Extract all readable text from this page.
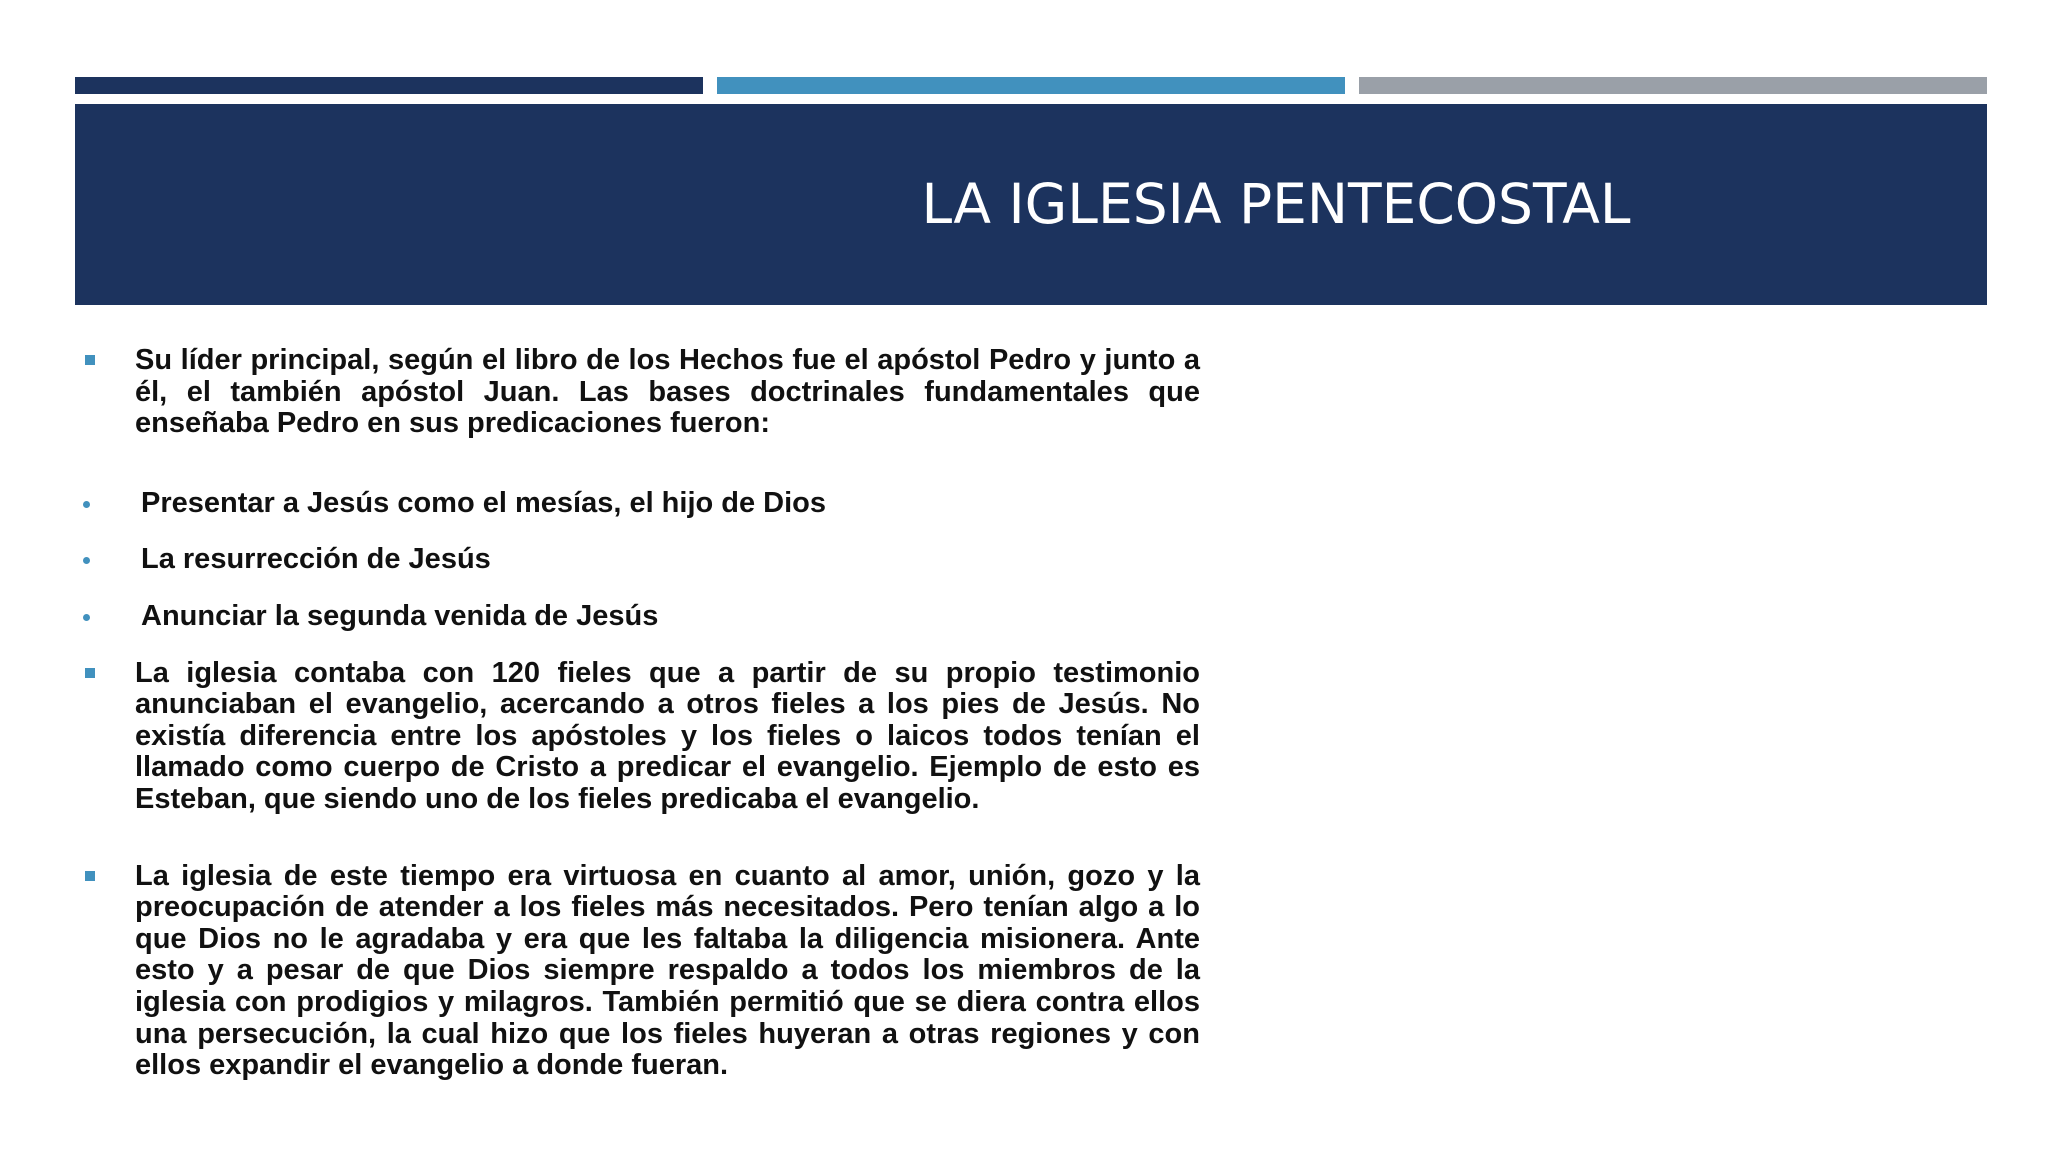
LA IGLESIA PENTECOSTAL
Su líder principal, según el libro de los Hechos fue el apóstol Pedro y junto a él, el también apóstol Juan. Las bases doctrinales fundamentales que enseñaba Pedro en sus predicaciones fueron:
Presentar a Jesús como el mesías, el hijo de Dios
La resurrección de Jesús
Anunciar la segunda venida de Jesús
La iglesia contaba con 120 fieles que a partir de su propio testimonio anunciaban el evangelio, acercando a otros fieles a los pies de Jesús. No existía diferencia entre los apóstoles y los fieles o laicos todos tenían el llamado como cuerpo de Cristo a predicar el evangelio. Ejemplo de esto es Esteban, que siendo uno de los fieles predicaba el evangelio.
La iglesia de este tiempo era virtuosa en cuanto al amor, unión, gozo y la preocupación de atender a los fieles más necesitados. Pero tenían algo a lo que Dios no le agradaba y era que les faltaba la diligencia misionera. Ante esto y a pesar de que Dios siempre respaldo a todos los miembros de la iglesia con prodigios y milagros. También permitió que se diera contra ellos una persecución, la cual hizo que los fieles huyeran a otras regiones y con ellos expandir el evangelio a donde fueran.
